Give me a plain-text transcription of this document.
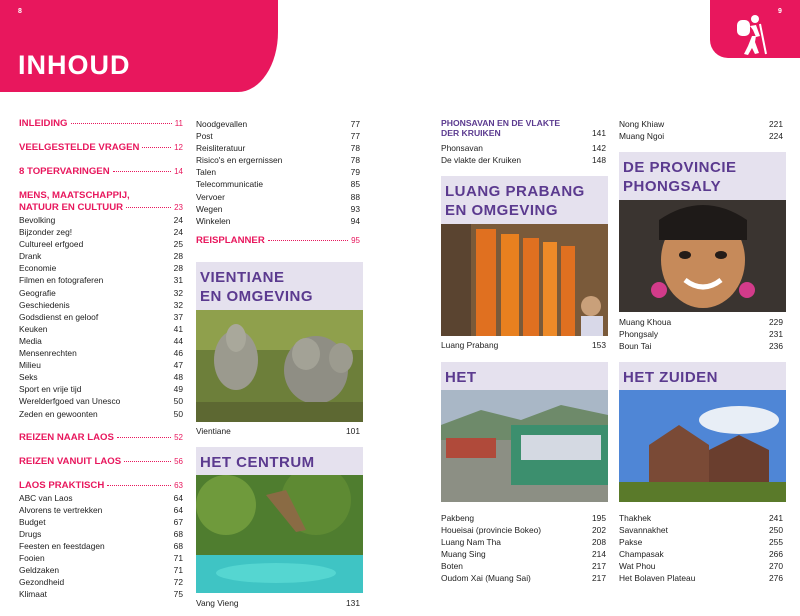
8
INHOUD
9
INLEIDING	11
VEELGESTELDE VRAGEN	12
8 TOPERVARINGEN	14
MENS, MAATSCHAPPIJ,
NATUUR EN CULTUUR	23
Bevolking	24
Bijzonder zeg!	24
Cultureel erfgoed	25
Drank	28
Economie	28
Filmen en fotograferen	31
Geografie	32
Geschiedenis	32
Godsdienst en geloof	37
Keuken	41
Media	44
Mensenrechten	46
Milieu	47
Seks	48
Sport en vrije tijd	49
Werelderfgoed van Unesco	50
Zeden en gewoonten	50
REIZEN NAAR LAOS	52
REIZEN VANUIT LAOS	56
LAOS PRAKTISCH	63
ABC van Laos	64
Alvorens te vertrekken	64
Budget	67
Drugs	68
Feesten en feestdagen	68
Fooien	71
Geldzaken	71
Gezondheid	72
Klimaat	75
Noodgevallen	77
Post	77
Reisliteratuur	78
Risico's en ergernissen	78
Talen	79
Telecommunicatie	85
Vervoer	88
Wegen	93
Winkelen	94
REISPLANNER	95
VIENTIANE
EN OMGEVING
Vientiane	101
HET CENTRUM
Vang Vieng	131
PHONSAVAN EN DE VLAKTE
DER KRUIKEN	141
Phonsavan	142
De vlakte der Kruiken	148
LUANG PRABANG
EN OMGEVING
Luang Prabang	153
HET
Pakbeng	195
Houeisai (provincie Bokeo)	202
Luang Nam Tha	208
Muang Sing	214
Boten	217
Oudom Xai (Muang Sai)	217
Nong Khiaw	221
Muang Ngoi	224
DE PROVINCIE
PHONGSALY
Muang Khoua	229
Phongsaly	231
Boun Tai	236
HET ZUIDEN
Thakhek	241
Savannakhet	250
Pakse	255
Champasak	266
Wat Phou	270
Het Bolaven Plateau	276
